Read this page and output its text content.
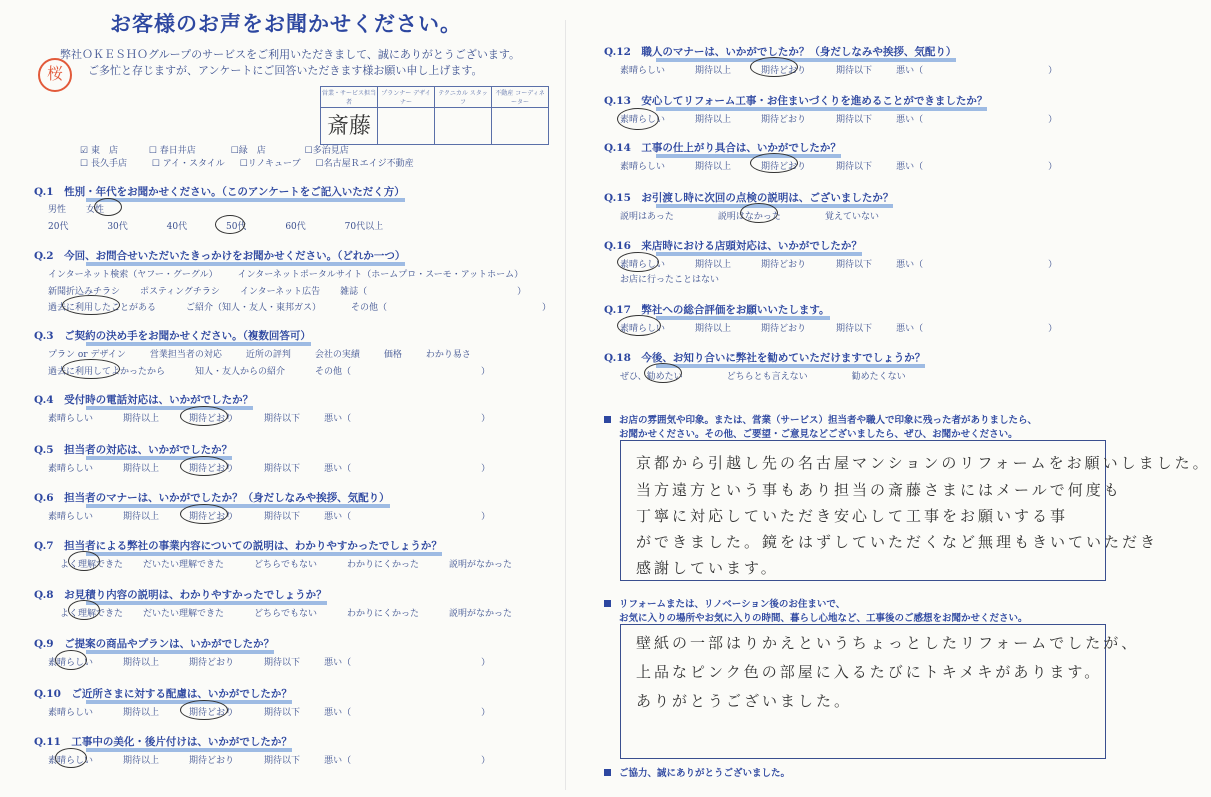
お客様のお声をお聞かせください。
桜
弊社ＯＫＥＳＨＯグループのサービスをご利用いただきまして、誠にありがとうございます。
ご多忙と存じますが、アンケートにご回答いただきます様お願い申し上げます。
営業・サービス担当者	プランナー デザイナー	テクニカル スタッフ	不動産 コーディネーター
斎藤			
☑ 東　店	☐ 春日井店	☐緑　店	☐多治見店
☐ 長久手店	☐ アイ・スタイル ☐リノキューブ ☐名古屋Ｒエイジ不動産
Q.1　性別・年代をお聞かせください。（このアンケートをご記入いただく方）
男性 女性
20代	30代	40代	50代	60代	70代以上
Q.2　今回、お問合せいただいたきっかけをお聞かせください。（どれか一つ）
インターネット検索（ヤフー・グーグル） インターネットポータルサイト（ホームプロ・スーモ・アットホーム）
新聞折込みチラシ ポスティングチラシ インターネット広告 雑誌（	）
過去に利用したことがある	ご紹介（知人・友人・東邦ガス）	その他（	）
Q.3　ご契約の決め手をお聞かせください。（複数回答可）
プラン or デザイン	営業担当者の対応	近所の評判	会社の実績	価格	わかり易さ
過去に利用してよかったから	知人・友人からの紹介	その他（	）
Q.4　受付時の電話対応は、いかがでしたか？
素晴らしい	期待以上	期待どおり	期待以下	悪い（	）
Q.5　担当者の対応は、いかがでしたか？
素晴らしい	期待以上	期待どおり	期待以下	悪い（	）
Q.6　担当者のマナーは、いかがでしたか？（身だしなみや挨拶、気配り）
素晴らしい	期待以上	期待どおり	期待以下	悪い（	）
Q.7　担当者による弊社の事業内容についての説明は、わかりやすかったでしょうか？
よく理解できた だいたい理解できた	どちらでもない	わかりにくかった	説明がなかった
Q.8　お見積り内容の説明は、わかりやすかったでしょうか？
よく理解できた だいたい理解できた	どちらでもない	わかりにくかった	説明がなかった
Q.9　ご提案の商品やプランは、いかがでしたか？
素晴らしい	期待以上	期待どおり	期待以下	悪い（	）
Q.10　ご近所さまに対する配慮は、いかがでしたか？
素晴らしい	期待以上	期待どおり	期待以下	悪い（	）
Q.11　工事中の美化・後片付けは、いかがでしたか？
素晴らしい	期待以上	期待どおり	期待以下	悪い（	）
Q.12　職人のマナーは、いかがでしたか？（身だしなみや挨拶、気配り）
素晴らしい	期待以上	期待どおり	期待以下	悪い（	）
Q.13　安心してリフォーム工事・お住まいづくりを進めることができましたか？
素晴らしい	期待以上	期待どおり	期待以下	悪い（	）
Q.14　工事の仕上がり具合は、いかがでしたか？
素晴らしい	期待以上	期待どおり	期待以下	悪い（	）
Q.15　お引渡し時に次回の点検の説明は、ございましたか？
説明はあった	説明はなかった	覚えていない
Q.16　来店時における店頭対応は、いかがでしたか？
素晴らしい	期待以上	期待どおり	期待以下	悪い（	）
お店に行ったことはない
Q.17　弊社への総合評価をお願いいたします。
素晴らしい	期待以上	期待どおり	期待以下	悪い（	）
Q.18　今後、お知り合いに弊社を勧めていただけますでしょうか？
ぜひ、勧めたい	どちらとも言えない	勧めたくない
お店の雰囲気や印象。または、営業（サービス）担当者や職人で印象に残った者がありましたら、
お聞かせください。その他、ご要望・ご意見などございましたら、ぜひ、お聞かせください。
京都から引越し先の名古屋マンションのリフォームをお願いしました。
当方遠方という事もあり担当の斎藤さまにはメールで何度も
丁寧に対応していただき安心して工事をお願いする事
ができました。鏡をはずしていただくなど無理もきいていただき
感謝しています。
リフォームまたは、リノベーション後のお住まいで、
お気に入りの場所やお気に入りの時間、暮らし心地など、工事後のご感想をお聞かせください。
壁紙の一部はりかえというちょっとしたリフォームでしたが、
上品なピンク色の部屋に入るたびにトキメキがあります。
ありがとうございました。
ご協力、誠にありがとうございました。
